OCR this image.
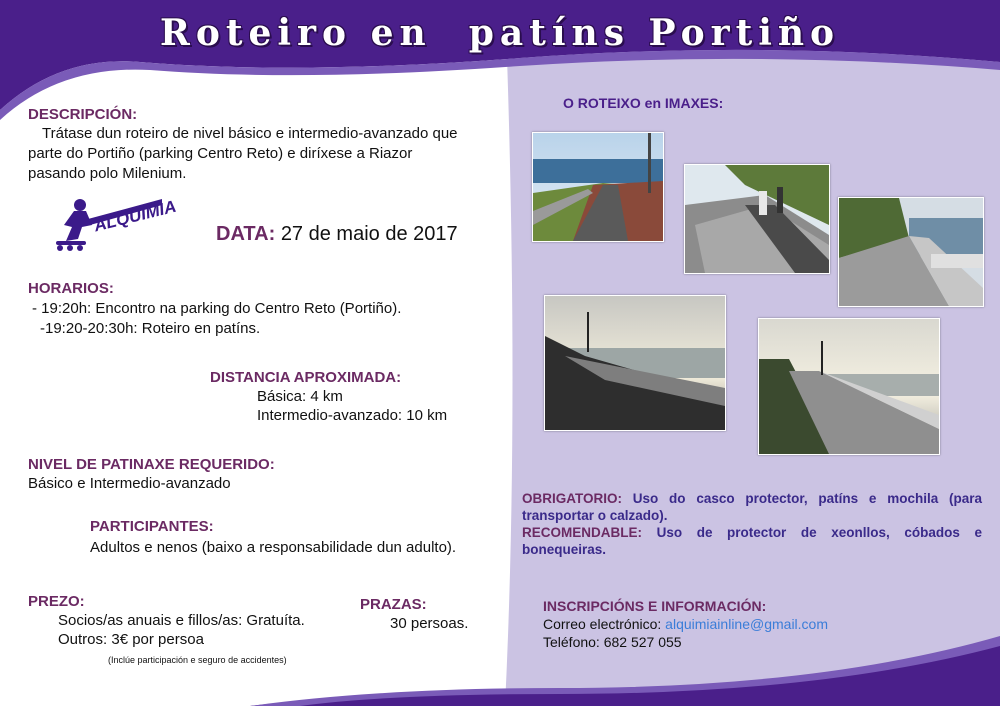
Roteiro en  patíns Portiño
DESCRIPCIÓN:
Trátase dun roteiro de nivel básico e intermedio-avanzado que
parte do Portiño (parking Centro Reto) e diríxese a Riazor
pasando polo Milenium.
ALQUIMIA DATA: 27 de maio de 2017
HORARIOS:
- 19:20h: Encontro na parking do Centro Reto (Portiño).
-19:20-20:30h: Roteiro en patíns.
DISTANCIA APROXIMADA:
Básica: 4 km
Intermedio-avanzado: 10 km
NIVEL DE PATINAXE REQUERIDO:
Básico e Intermedio-avanzado
PARTICIPANTES:
Adultos e nenos (baixo a responsabilidade dun adulto).
PREZO:
Socios/as anuais e fillos/as: Gratuíta.
Outros: 3€ por persoa
(Inclúe participación e seguro de accidentes)
PRAZAS:
30 persoas.
O ROTEIXO en IMAXES:
OBRIGATORIO: Uso do casco protector, patíns e mochila (para
transportar o calzado).
RECOMENDABLE: Uso de protector de xeonllos, cóbados e
bonequeiras.
INSCRIPCIÓNS E INFORMACIÓN:
Correo electrónico: alquimiainline@gmail.com
Teléfono: 682 527 055
